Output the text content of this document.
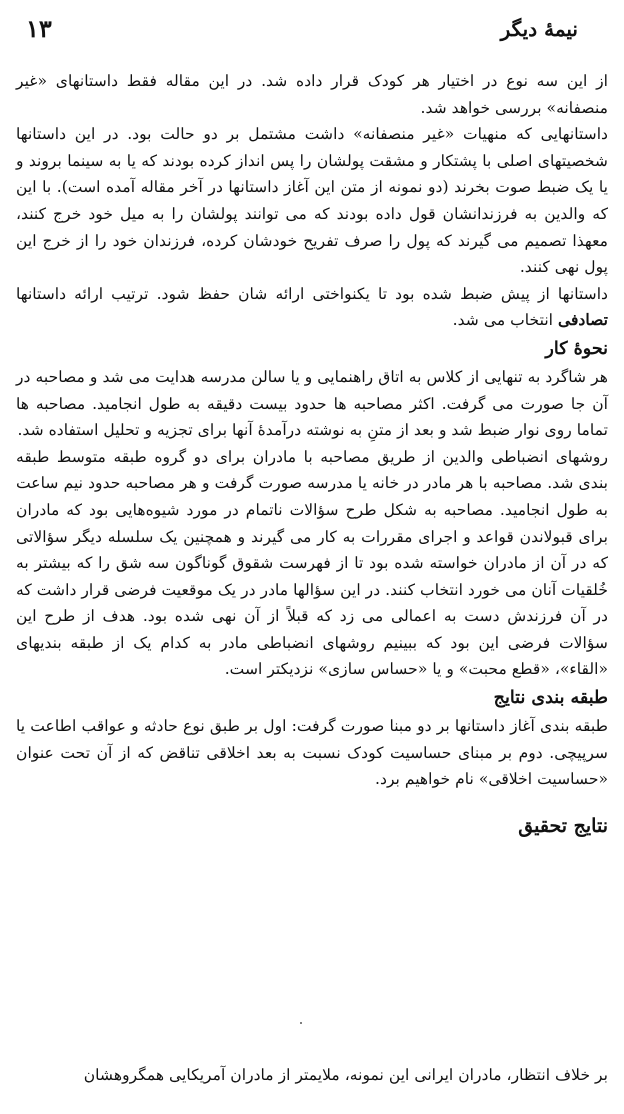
نیمهٔ دیگر
۱۳

از این سه نوع در اختیار هر کودک قرار داده شد. در این مقاله فقط داستانهای «غیر منصفانه» بررسی خواهد شد.

داستانهایی که منهیات «غیر منصفانه» داشت مشتمل بر دو حالت بود. در این داستانها شخصیتهای اصلی با پشتکار و مشقت پولشان را پس انداز کرده بودند که یا به سینما بروند و یا یک ضبط صوت بخرند (دو نمونه از متن این آغاز داستانها در آخر مقاله آمده است). با این که والدین به فرزندانشان قول داده بودند که می توانند پولشان را به میل خود خرج کنند، معهذا تصمیم می گیرند که پول را صرف تفریح خودشان کرده، فرزندان خود را از خرج این پول نهی کنند.

داستانها از پیش ضبط شده بود تا یکنواختی ارائه شان حفظ شود. ترتیب ارائه داستانها تصادفی انتخاب می شد.

نحوهٔ کار

هر شاگرد به تنهایی از کلاس به اتاق راهنمایی و یا سالن مدرسه هدایت می شد و مصاحبه در آن جا صورت می گرفت. اکثر مصاحبه ها حدود بیست دقیقه به طول انجامید. مصاحبه ها تماما روی نوار ضبط شد و بعد از متنِ به نوشته درآمدهٔ آنها برای تجزیه و تحلیل استفاده شد.

روشهای انضباطی والدین از طریق مصاحبه با مادران برای دو گروه طبقه متوسط طبقه بندی شد. مصاحبه با هر مادر در خانه یا مدرسه صورت گرفت و هر مصاحبه حدود نیم ساعت به طول انجامید. مصاحبه به شکل طرح سؤالات ناتمام در مورد شیوه‌هایی بود که مادران برای قبولاندن قواعد و اجرای مقررات به کار می گیرند و همچنین یک سلسله دیگر سؤالاتی که در آن از مادران خواسته شده بود تا از فهرست شقوق گوناگون سه شق را که بیشتر به خُلقیات آنان می خورد انتخاب کنند. در این سؤالها مادر در یک موقعیت فرضی قرار داشت که در آن فرزندش دست به اعمالی می زد که قبلاً از آن نهی شده بود. هدف از طرح این سؤالات فرضی این بود که ببینیم روشهای انضباطی مادر به کدام یک از طبقه بندیهای «القاء»، «قطع محبت» و یا «حساس سازی» نزدیکتر است.

طبقه بندی نتایج

طبقه بندی آغاز داستانها بر دو مبنا صورت گرفت: اول بر طبق نوع حادثه و عواقب اطاعت یا سرپیچی. دوم بر مبنای حساسیت کودک نسبت به بعد اخلاقی تناقض که از آن تحت عنوان «حساسیت اخلاقی» نام خواهیم برد.

نتایج تحقیق
بر خلاف انتظار، مادران ایرانی این نمونه، ملایمتر از مادران آمریکایی همگروهشان
